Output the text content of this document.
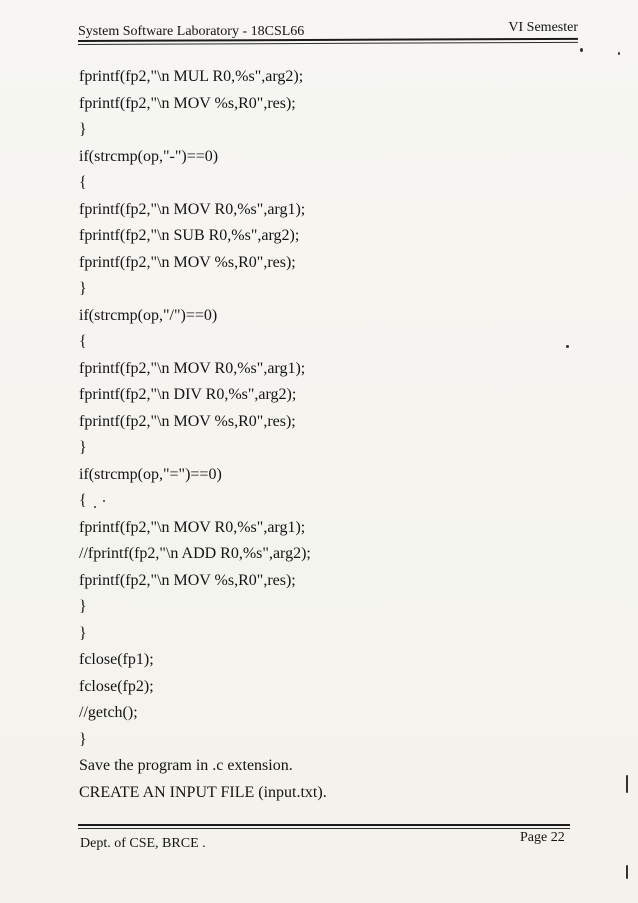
System Software Laboratory - 18CSL66	VI Semester
fprintf(fp2,"\n MUL R0,%s",arg2);
fprintf(fp2,"\n MOV %s,R0",res);
}
if(strcmp(op,"-")==0)
{
fprintf(fp2,"\n MOV R0,%s",arg1);
fprintf(fp2,"\n SUB R0,%s",arg2);
fprintf(fp2,"\n MOV %s,R0",res);
}
if(strcmp(op,"/")==0)
{
fprintf(fp2,"\n MOV R0,%s",arg1);
fprintf(fp2,"\n DIV R0,%s",arg2);
fprintf(fp2,"\n MOV %s,R0",res);
}
if(strcmp(op,"=")==0)
{
fprintf(fp2,"\n MOV R0,%s",arg1);
//fprintf(fp2,"\n ADD R0,%s",arg2);
fprintf(fp2,"\n MOV %s,R0",res);
}
}
fclose(fp1);
fclose(fp2);
//getch();
}
Save the program in .c extension.
CREATE AN INPUT FILE (input.txt).
Dept. of CSE, BRCE .	Page 22
